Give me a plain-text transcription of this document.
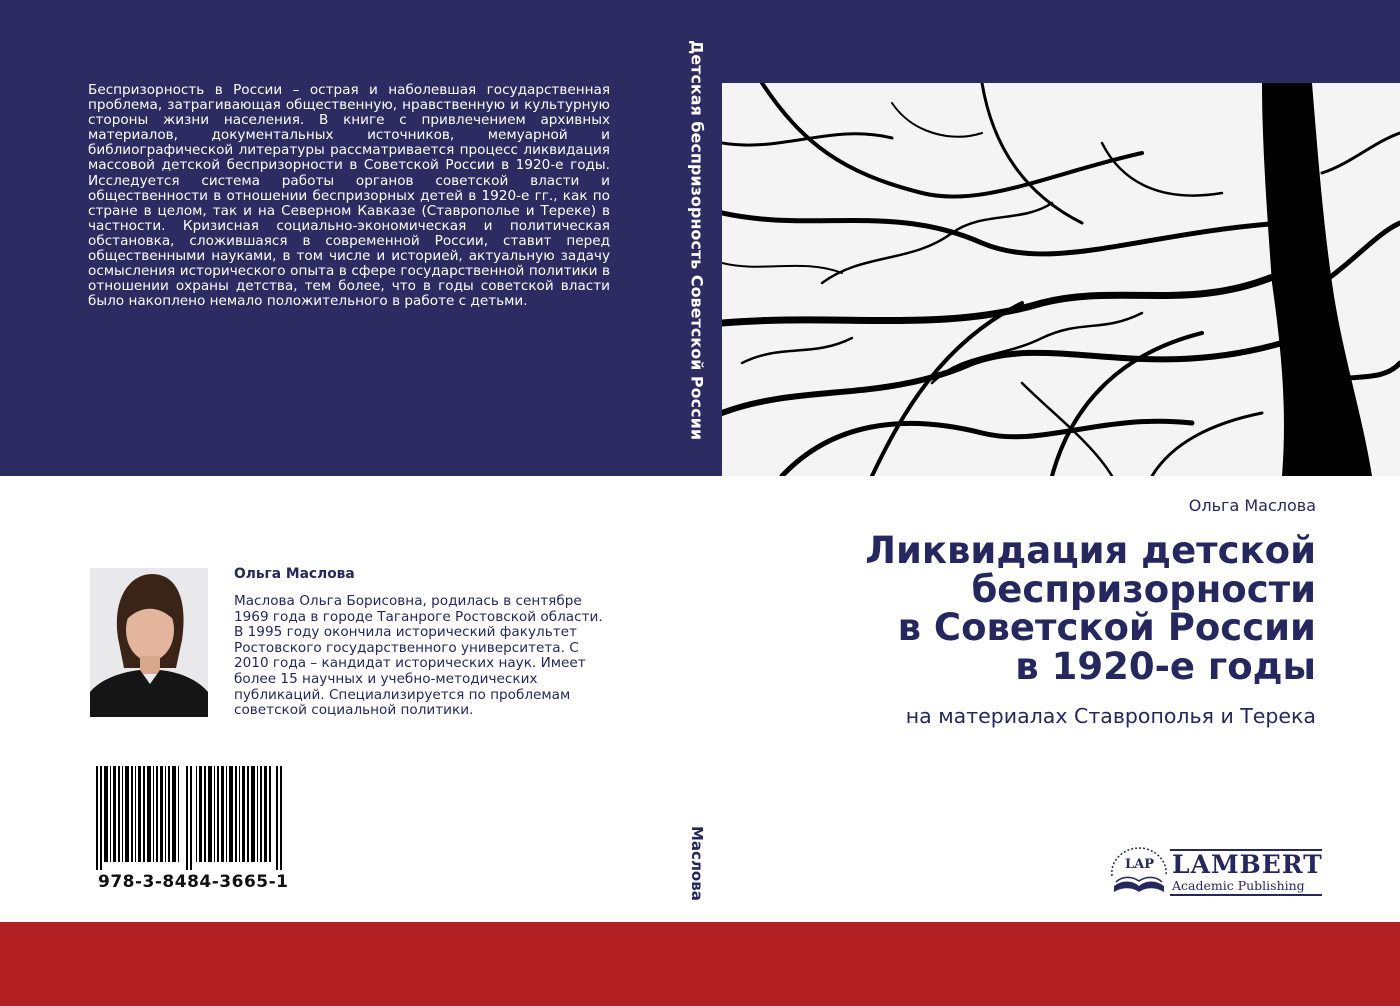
Беспризорность в России – острая и наболевшая государственная проблема, затрагивающая общественную, нравственную и культурную стороны жизни населения. В книге с привлечением архивных материалов, документальных источников, мемуарной и библиографической литературы рассматривается процесс ликвидация массовой детской беспризорности в Советской России в 1920-е годы. Исследуется система работы органов советской власти и общественности в отношении беспризорных детей в 1920-е гг., как по стране в целом, так и на Северном Кавказе (Ставрополье и Тереке) в частности. Кризисная социально-экономическая и политическая обстановка, сложившаяся в современной России, ставит перед общественными науками, в том числе и историей, актуальную задачу осмысления исторического опыта в сфере государственной политики в отношении охраны детства, тем более, что в годы советской власти было накоплено немало положительного в работе с детьми.	Детская беспризорность Советской России

Ольга Маслова

Ликвидация детской
беспризорности
в Советской России
в 1920-е годы

на материалах Ставрополья и Терека

Ольга Маслова

Маслова Ольга Борисовна, родилась в сентябре 1969 года в городе Таганроге Ростовской области. В 1995 году окончила исторический факультет Ростовского государственного университета. С 2010 года – кандидат исторических наук. Имеет более 15 научных и учебно-методических публикаций. Специализируется по проблемам советской социальной политики.

978-3-8484-3665-1	Маслова	LAP LAMBERT
Academic Publishing
